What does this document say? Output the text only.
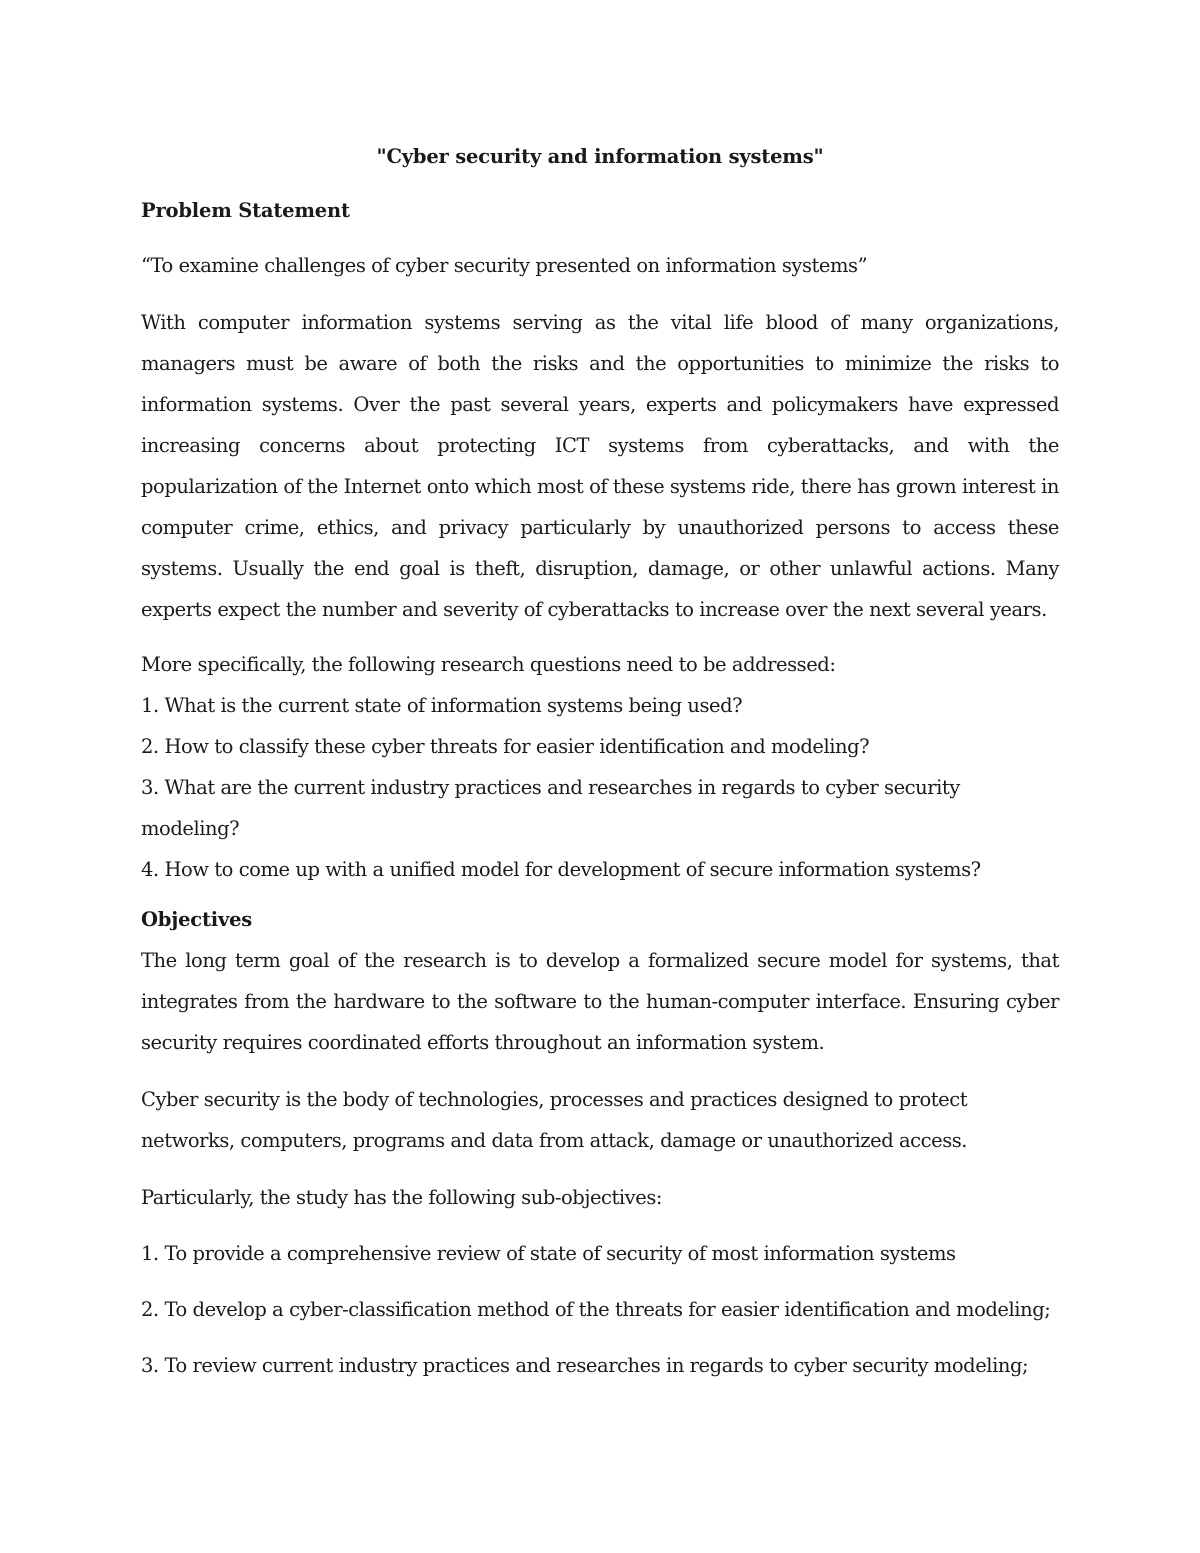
"Cyber security and information systems"

Problem Statement

“To examine challenges of cyber security presented on information systems”

With computer information systems serving as the vital life blood of many organizations, managers must be aware of both the risks and the opportunities to minimize the risks to information systems. Over the past several years, experts and policymakers have expressed increasing concerns about protecting ICT systems from cyberattacks, and with the popularization of the Internet onto which most of these systems ride, there has grown interest in computer crime, ethics, and privacy particularly by unauthorized persons to access these systems. Usually the end goal is theft, disruption, damage, or other unlawful actions. Many experts expect the number and severity of cyberattacks to increase over the next several years.

More specifically, the following research questions need to be addressed:

1. What is the current state of information systems being used?

2. How to classify these cyber threats for easier identification and modeling?

3. What are the current industry practices and researches in regards to cyber security modeling?

4. How to come up with a unified model for development of secure information systems?

Objectives

The long term goal of the research is to develop a formalized secure model for systems, that integrates from the hardware to the software to the human-computer interface. Ensuring cyber security requires coordinated efforts throughout an information system.

Cyber security is the body of technologies, processes and practices designed to protect networks, computers, programs and data from attack, damage or unauthorized access.

Particularly, the study has the following sub-objectives:

1. To provide a comprehensive review of state of security of most information systems

2. To develop a cyber-classification method of the threats for easier identification and modeling;

3. To review current industry practices and researches in regards to cyber security modeling;
